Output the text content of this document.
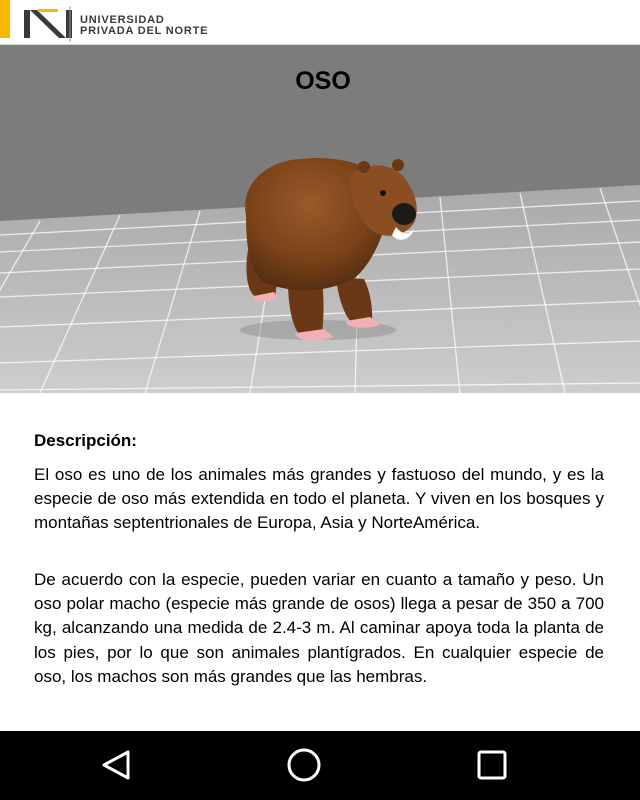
UNIVERSIDAD
PRIVADA DEL NORTE
OSO
Descripción:

El oso es uno de los animales más grandes y fastuoso del mundo, y es la especie de oso más extendida en todo el planeta. Y viven en los bosques y montañas septentrionales de Europa, Asia y NorteAmérica.

De acuerdo con la especie, pueden variar en cuanto a tamaño y peso. Un oso polar macho (especie más grande de osos) llega a pesar de 350 a 700 kg, alcanzando una medida de 2.4-3 m. Al caminar apoya toda la planta de los pies, por lo que son animales plantígrados. En cualquier especie de oso, los machos son más grandes que las hembras.
